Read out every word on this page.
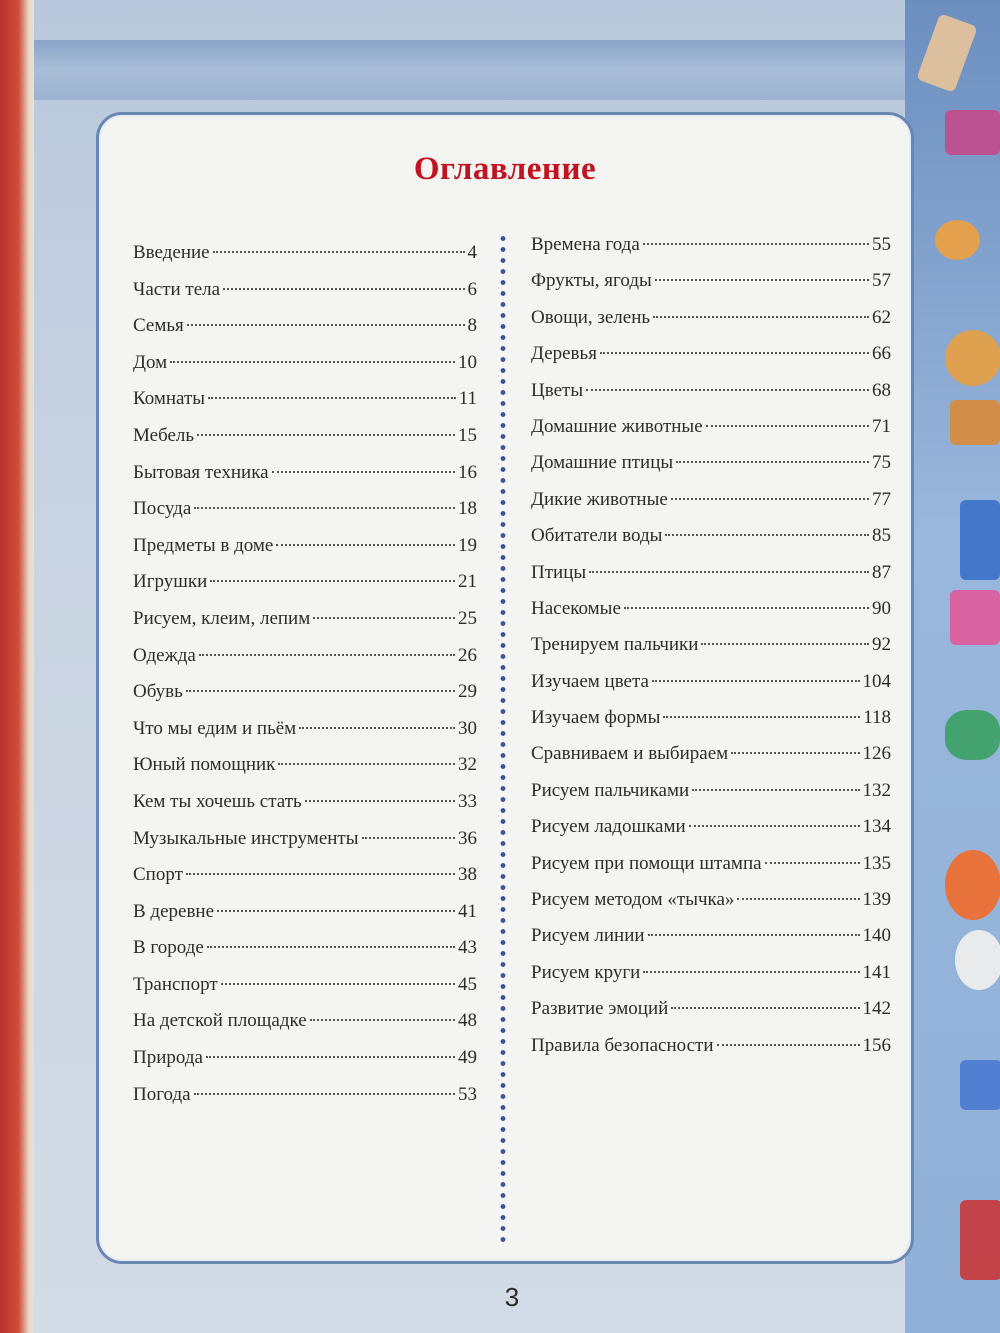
Оглавление
Введение	4
Части тела	6
Семья	8
Дом	10
Комнаты	11
Мебель	15
Бытовая техника	16
Посуда	18
Предметы в доме	19
Игрушки	21
Рисуем, клеим, лепим	25
Одежда	26
Обувь	29
Что мы едим и пьём	30
Юный помощник	32
Кем ты хочешь стать	33
Музыкальные инструменты	36
Спорт	38
В деревне	41
В городе	43
Транспорт	45
На детской площадке	48
Природа	49
Погода	53
Времена года	55
Фрукты, ягоды	57
Овощи, зелень	62
Деревья	66
Цветы	68
Домашние животные	71
Домашние птицы	75
Дикие животные	77
Обитатели воды	85
Птицы	87
Насекомые	90
Тренируем пальчики	92
Изучаем цвета	104
Изучаем формы	118
Сравниваем и выбираем	126
Рисуем пальчиками	132
Рисуем ладошками	134
Рисуем при помощи штампа	135
Рисуем методом «тычка»	139
Рисуем линии	140
Рисуем круги	141
Развитие эмоций	142
Правила безопасности	156
3
